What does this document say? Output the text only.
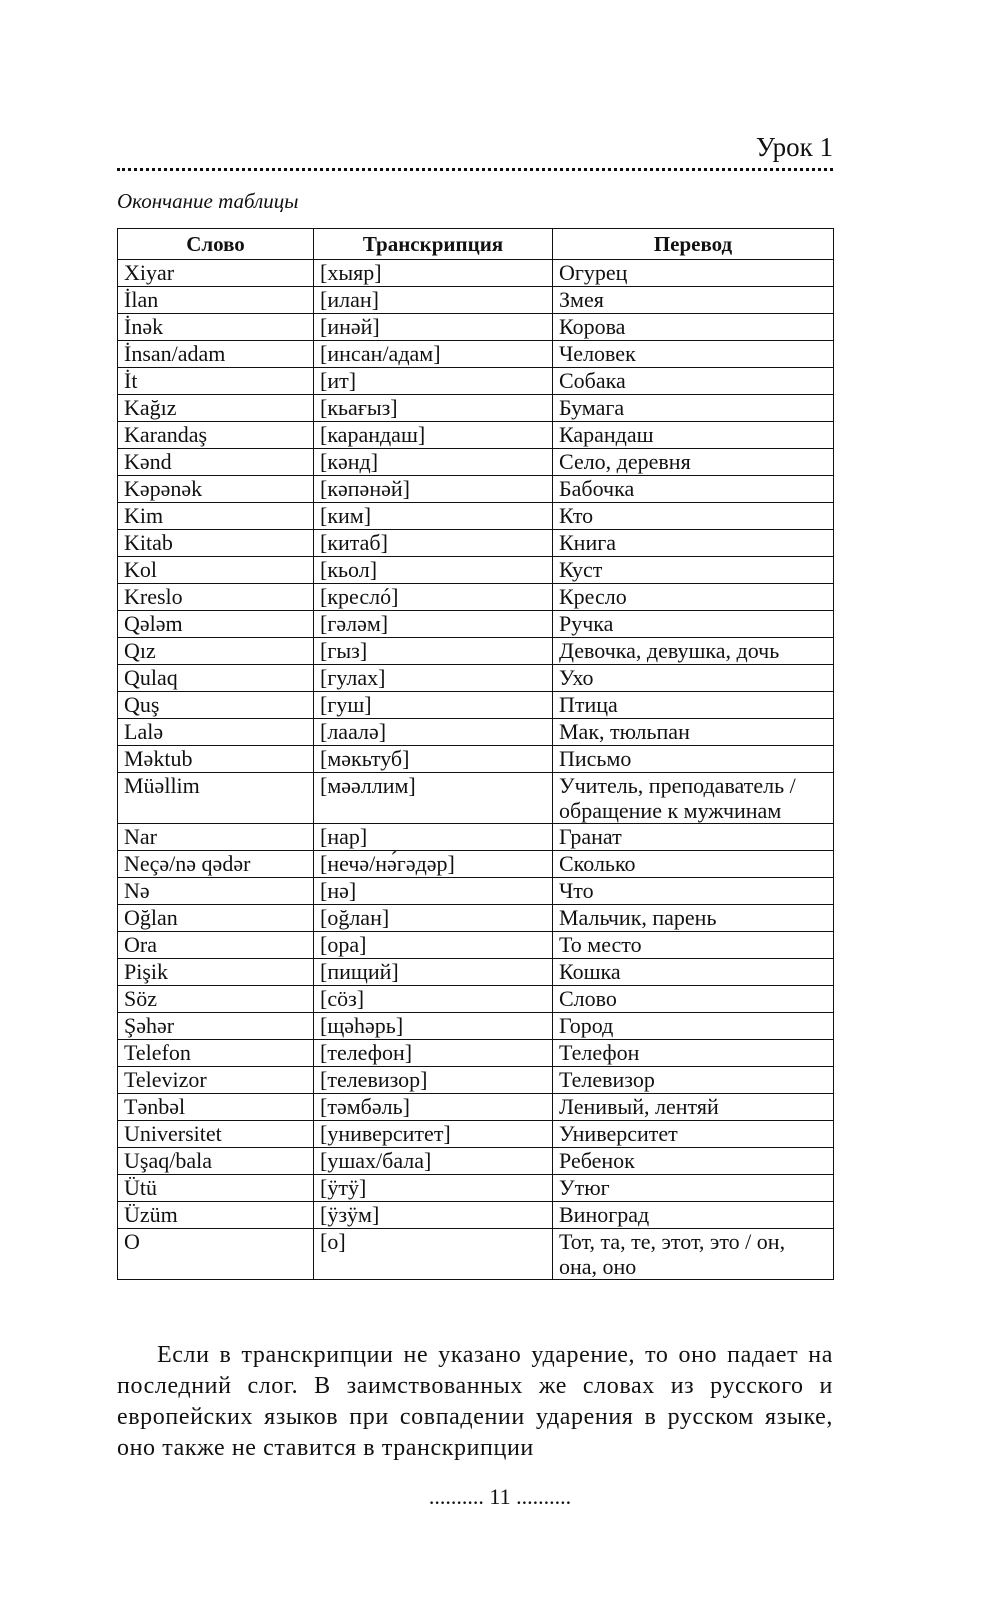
Урок 1
Окончание таблицы
Слово	Транскрипция	Перевод
Xiyar	[хыяр]	Огурец
İlan	[илан]	Змея
İnək	[инәй]	Корова
İnsan/adam	[инсан/адам]	Человек
İt	[ит]	Собака
Kağız	[кьағыз]	Бумага
Karandaş	[карандаш]	Карандаш
Kənd	[кәнд]	Село, деревня
Kəpənək	[кәпәнәй]	Бабочка
Kim	[ким]	Кто
Kitab	[китаб]	Книга
Kol	[кьол]	Куст
Kreslo	[креслó]	Кресло
Qələm	[гәләм]	Ручка
Qız	[гыз]	Девочка, девушка, дочь
Qulaq	[гулах]	Ухо
Quş	[гуш]	Птица
Lalə	[лаалә]	Мак, тюльпан
Məktub	[мәкьтуб]	Письмо
Müəllim	[мәәллим]	Учитель, преподаватель / обращение к мужчинам
Nar	[нар]	Гранат
Neçə/nə qədər	[нечә/нә́гәдәр]	Сколько
Nə	[нә]	Что
Oğlan	[oğлан]	Мальчик, парень
Ora	[ора]	То место
Pişik	[пищий]	Кошка
Söz	[сöз]	Слово
Şəhər	[щәhәрь]	Город
Telefon	[телефон]	Телефон
Televizor	[телевизор]	Телевизор
Tənbəl	[тәмбәль]	Ленивый, лентяй
Universitet	[университет]	Университет
Uşaq/bala	[ушах/бала]	Ребенок
Ütü	[ÿтÿ]	Утюг
Üzüm	[ÿзÿм]	Виноград
O	[o]	Тот, та, те, этот, это / он, она, оно

Если в транскрипции не указано ударение, то оно падает на последний слог. В заимствованных же словах из русского и европейских языков при совпадении ударения в русском языке, оно также не ставится в транскрипции

.......... 11 ..........
